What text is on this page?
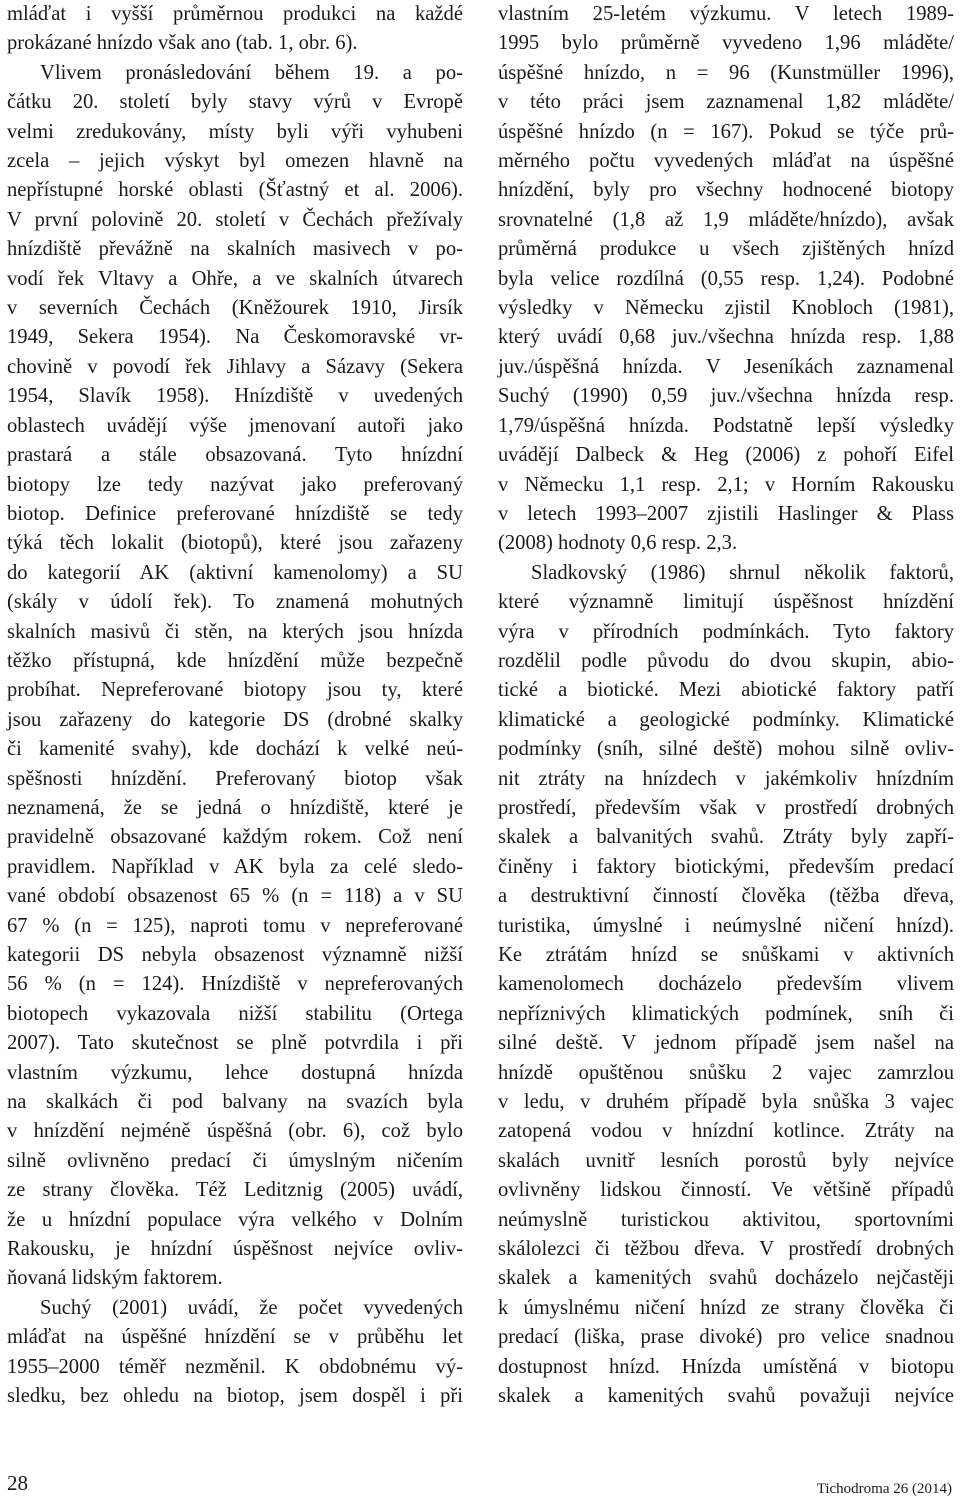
mláďat i vyšší průměrnou produkci na každé
prokázané hnízdo však ano (tab. 1, obr. 6).
Vlivem pronásledování během 19. a po-
čátku 20. století byly stavy výrů v Evropě
velmi zredukovány, místy byli výři vyhubeni
zcela – jejich výskyt byl omezen hlavně na
nepřístupné horské oblasti (Šťastný et al. 2006).
V první polovině 20. století v Čechách přežívaly
hnízdiště převážně na skalních masivech v po-
vodí řek Vltavy a Ohře, a ve skalních útvarech
v severních Čechách (Kněžourek 1910, Jirsík
1949, Sekera 1954). Na Českomoravské vr-
chovině v povodí řek Jihlavy a Sázavy (Sekera
1954, Slavík 1958). Hnízdiště v uvedených
oblastech uvádějí výše jmenovaní autoři jako
prastará a stále obsazovaná. Tyto hnízdní
biotopy lze tedy nazývat jako preferovaný
biotop. Definice preferované hnízdiště se tedy
týká těch lokalit (biotopů), které jsou zařazeny
do kategorií AK (aktivní kamenolomy) a SU
(skály v údolí řek). To znamená mohutných
skalních masivů či stěn, na kterých jsou hnízda
těžko přístupná, kde hnízdění může bezpečně
probíhat. Nepreferované biotopy jsou ty, které
jsou zařazeny do kategorie DS (drobné skalky
či kamenité svahy), kde dochází k velké neú-
spěšnosti hnízdění. Preferovaný biotop však
neznamená, že se jedná o hnízdiště, které je
pravidelně obsazované každým rokem. Což není
pravidlem. Například v AK byla za celé sledo-
vané období obsazenost 65 % (n = 118) a v SU
67 % (n = 125), naproti tomu v nepreferované
kategorii DS nebyla obsazenost významně nižší
56 % (n = 124). Hnízdiště v nepreferovaných
biotopech vykazovala nižší stabilitu (Ortega
2007). Tato skutečnost se plně potvrdila i při
vlastním výzkumu, lehce dostupná hnízda
na skalkách či pod balvany na svazích byla
v hnízdění nejméně úspěšná (obr. 6), což bylo
silně ovlivněno predací či úmyslným ničením
ze strany člověka. Též Leditznig (2005) uvádí,
že u hnízdní populace výra velkého v Dolním
Rakousku, je hnízdní úspěšnost nejvíce ovliv-
ňovaná lidským faktorem.
Suchý (2001) uvádí, že počet vyvedených
mláďat na úspěšné hnízdění se v průběhu let
1955–2000 téměř nezměnil. K obdobnému vý-
sledku, bez ohledu na biotop, jsem dospěl i při
vlastním 25-letém výzkumu. V letech 1989-
1995 bylo průměrně vyvedeno 1,96 mláděte/
úspěšné hnízdo, n = 96 (Kunstmüller 1996),
v této práci jsem zaznamenal 1,82 mláděte/
úspěšné hnízdo (n = 167). Pokud se týče prů-
měrného počtu vyvedených mláďat na úspěšné
hnízdění, byly pro všechny hodnocené biotopy
srovnatelné (1,8 až 1,9 mláděte/hnízdo), avšak
průměrná produkce u všech zjištěných hnízd
byla velice rozdílná (0,55 resp. 1,24). Podobné
výsledky v Německu zjistil Knobloch (1981),
který uvádí 0,68 juv./všechna hnízda resp. 1,88
juv./úspěšná hnízda. V Jeseníkách zaznamenal
Suchý (1990) 0,59 juv./všechna hnízda resp.
1,79/úspěšná hnízda. Podstatně lepší výsledky
uvádějí Dalbeck & Heg (2006) z pohoří Eifel
v Německu 1,1 resp. 2,1; v Horním Rakousku
v letech 1993–2007 zjistili Haslinger & Plass
(2008) hodnoty 0,6 resp. 2,3.
Sladkovský (1986) shrnul několik faktorů,
které významně limitují úspěšnost hnízdění
výra v přírodních podmínkách. Tyto faktory
rozdělil podle původu do dvou skupin, abio-
tické a biotické. Mezi abiotické faktory patří
klimatické a geologické podmínky. Klimatické
podmínky (sníh, silné deště) mohou silně ovliv-
nit ztráty na hnízdech v jakémkoliv hnízdním
prostředí, především však v prostředí drobných
skalek a balvanitých svahů. Ztráty byly zapří-
činěny i faktory biotickými, především predací
a destruktivní činností člověka (těžba dřeva,
turistika, úmyslné i neúmyslné ničení hnízd).
Ke ztrátám hnízd se snůškami v aktivních
kamenolomech docházelo především vlivem
nepříznivých klimatických podmínek, sníh či
silné deště. V jednom případě jsem našel na
hnízdě opuštěnou snůšku 2 vajec zamrzlou
v ledu, v druhém případě byla snůška 3 vajec
zatopená vodou v hnízdní kotlince. Ztráty na
skalách uvnitř lesních porostů byly nejvíce
ovlivněny lidskou činností. Ve většině případů
neúmyslně turistickou aktivitou, sportovními
skálolezci či těžbou dřeva. V prostředí drobných
skalek a kamenitých svahů docházelo nejčastěji
k úmyslnému ničení hnízd ze strany člověka či
predací (liška, prase divoké) pro velice snadnou
dostupnost hnízd. Hnízda umístěná v biotopu
skalek a kamenitých svahů považuji nejvíce
28	Tichodroma 26 (2014)
